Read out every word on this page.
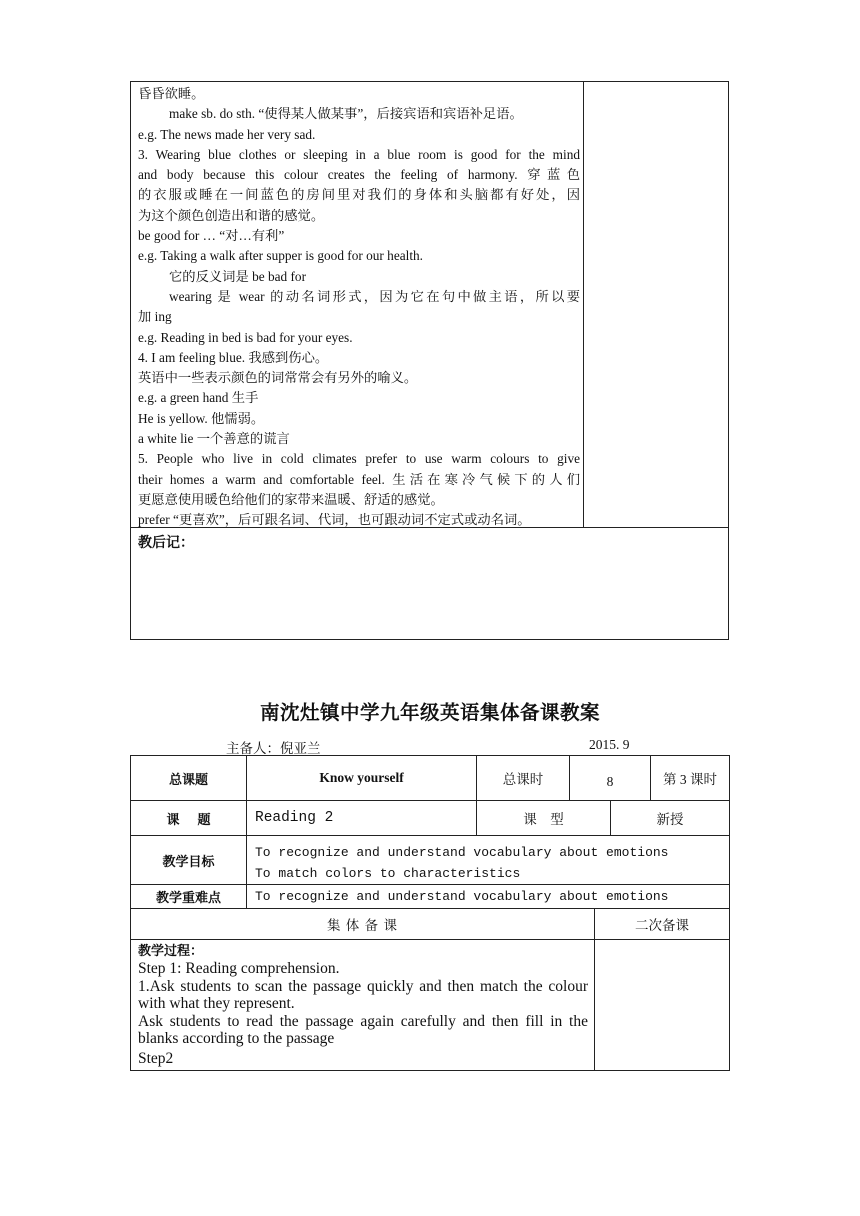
昏昏欲睡。
make sb. do sth. “使得某人做某事”，后接宾语和宾语补足语。
e.g. The news made her very sad.
3. Wearing blue clothes or sleeping in a blue room is good for the mind
and body because this colour creates the feeling of harmony. 穿蓝色
的衣服或睡在一间蓝色的房间里对我们的身体和头脑都有好处，因
为这个颜色创造出和谐的感觉。
be good for … “对…有利”
e.g. Taking a walk after supper is good for our health.
它的反义词是 be bad for
wearing 是 wear 的动名词形式，因为它在句中做主语，所以要
加 ing
e.g. Reading in bed is bad for your eyes.
4. I am feeling blue. 我感到伤心。
英语中一些表示颜色的词常常会有另外的喻义。
e.g. a green hand 生手
He is yellow. 他懦弱。
a white lie 一个善意的谎言
5. People who live in cold climates prefer to use warm colours to give
their homes a warm and comfortable feel. 生活在寒冷气候下的人们
更愿意使用暖色给他们的家带来温暖、舒适的感觉。
prefer “更喜欢”，后可跟名词、代词，也可跟动词不定式或动名词。
教后记：
南沈灶镇中学九年级英语集体备课教案
主备人：倪亚兰	2015. 9
总课题	Know yourself	总课时	8	第 3 课时
课    题	Reading 2	课    型	新授
教学目标
To recognize and understand vocabulary about emotions
To match colors to characteristics
教学重难点	To recognize and understand vocabulary about emotions
集 体 备 课	二次备课
教学过程：
Step 1: Reading comprehension.
1.Ask students to scan the passage quickly and then match the colour with what they represent.
Ask students to read the passage again carefully and then fill in the blanks according to the passage
Step2
